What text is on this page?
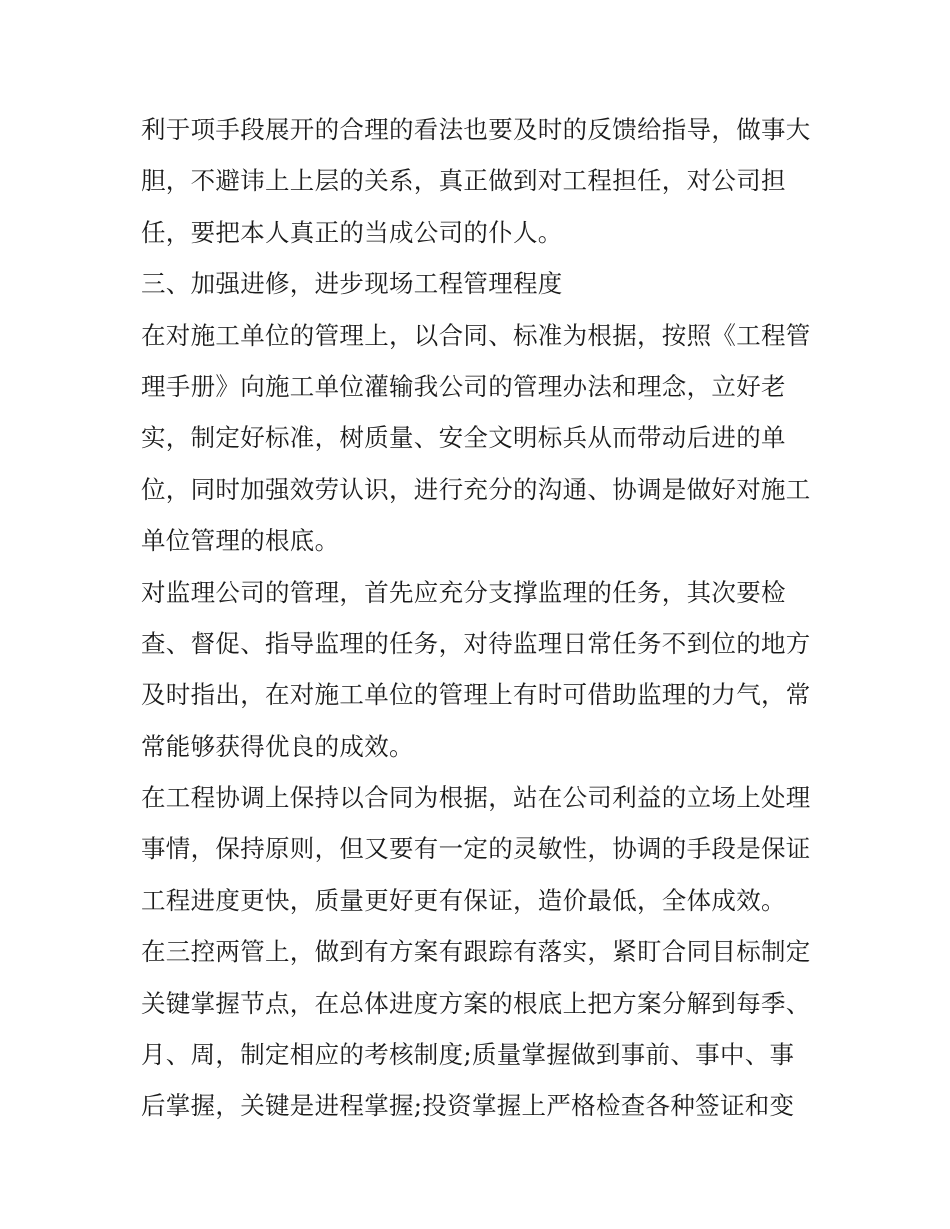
利于项手段展开的合理的看法也要及时的反馈给指导，做事大
胆，不避讳上上层的关系，真正做到对工程担任，对公司担
任，要把本人真正的当成公司的仆人。
三、加强进修，进步现场工程管理程度
在对施工单位的管理上，以合同、标准为根据，按照《工程管
理手册》向施工单位灌输我公司的管理办法和理念，立好老
实，制定好标准，树质量、安全文明标兵从而带动后进的单
位，同时加强效劳认识，进行充分的沟通、协调是做好对施工
单位管理的根底。
对监理公司的管理，首先应充分支撑监理的任务，其次要检
查、督促、指导监理的任务，对待监理日常任务不到位的地方
及时指出，在对施工单位的管理上有时可借助监理的力气，常
常能够获得优良的成效。
在工程协调上保持以合同为根据，站在公司利益的立场上处理
事情，保持原则，但又要有一定的灵敏性，协调的手段是保证
工程进度更快，质量更好更有保证，造价最低，全体成效。
在三控两管上，做到有方案有跟踪有落实，紧盯合同目标制定
关键掌握节点，在总体进度方案的根底上把方案分解到每季、
月、周，制定相应的考核制度;质量掌握做到事前、事中、事
后掌握，关键是进程掌握;投资掌握上严格检查各种签证和变
